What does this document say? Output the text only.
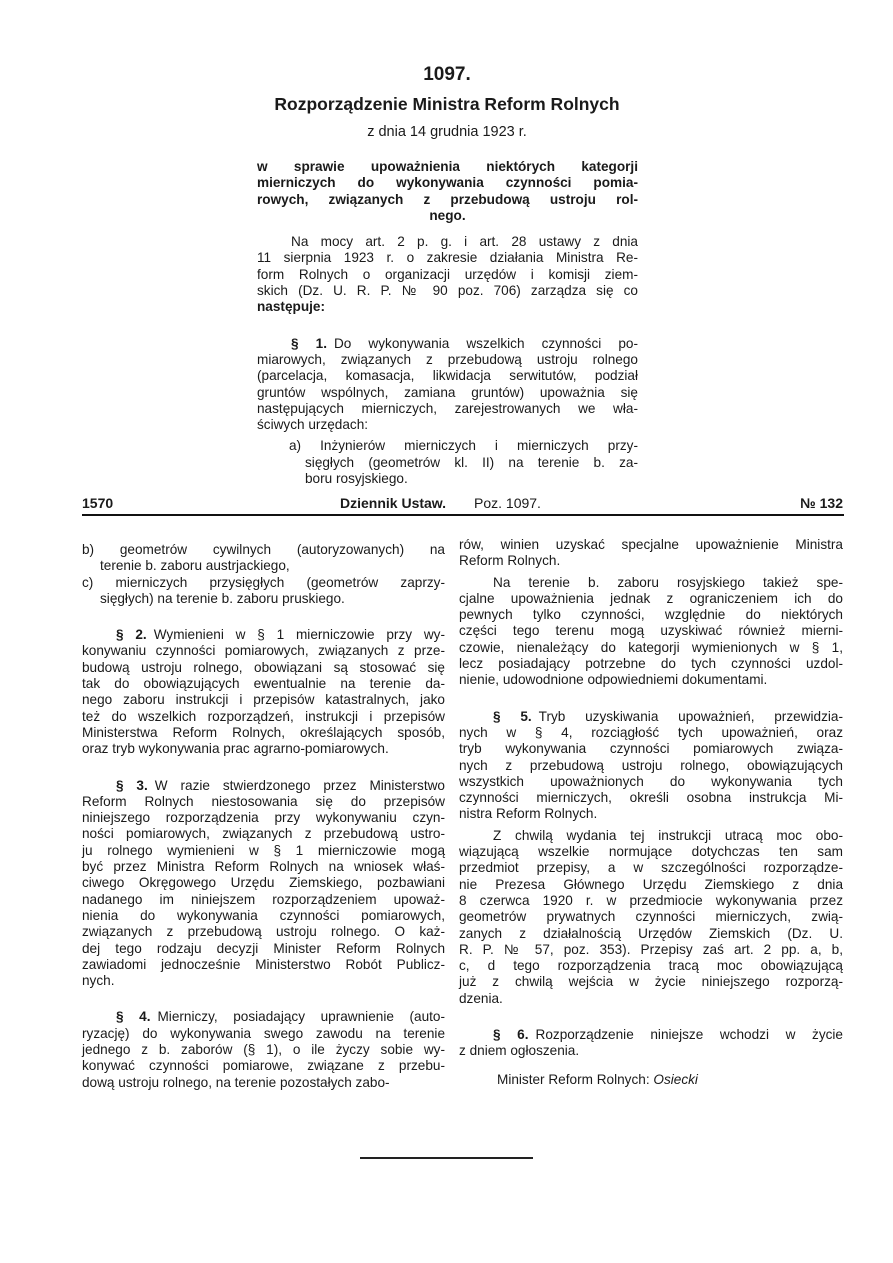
1097.
Rozporządzenie Ministra Reform Rolnych
z dnia 14 grudnia 1923 r.
w sprawie upoważnienia niektórych kategorji
mierniczych do wykonywania czynności pomia-
rowych, związanych z przebudową ustroju rol-
nego.
Na mocy art. 2 p. g. i art. 28 ustawy z dnia
11 sierpnia 1923 r. o zakresie działania Ministra Re-
form Rolnych o organizacji urzędów i komisji ziem-
skich (Dz. U. R. P. № 90 poz. 706) zarządza się co
następuje:
§ 1. Do wykonywania wszelkich czynności po-
miarowych, związanych z przebudową ustroju rolnego
(parcelacja, komasacja, likwidacja serwitutów, podział
gruntów wspólnych, zamiana gruntów) upoważnia się
następujących mierniczych, zarejestrowanych we wła-
ściwych urzędach:
a) Inżynierów mierniczych i mierniczych przy-
sięgłych (geometrów kl. II) na terenie b. za-
boru rosyjskiego.
1570	Dziennik Ustaw. Poz. 1097.	№ 132
b) geometrów cywilnych (autoryzowanych) na
terenie b. zaboru austrjackiego,
c) mierniczych przysięgłych (geometrów zaprzy-
sięgłych) na terenie b. zaboru pruskiego.
§ 2. Wymienieni w § 1 mierniczowie przy wy-
konywaniu czynności pomiarowych, związanych z prze-
budową ustroju rolnego, obowiązani są stosować się
tak do obowiązujących ewentualnie na terenie da-
nego zaboru instrukcji i przepisów katastralnych, jako
też do wszelkich rozporządzeń, instrukcji i przepisów
Ministerstwa Reform Rolnych, określających sposób,
oraz tryb wykonywania prac agrarno-pomiarowych.
§ 3. W razie stwierdzonego przez Ministerstwo
Reform Rolnych niestosowania się do przepisów
niniejszego rozporządzenia przy wykonywaniu czyn-
ności pomiarowych, związanych z przebudową ustro-
ju rolnego wymienieni w § 1 mierniczowie mogą
być przez Ministra Reform Rolnych na wniosek właś-
ciwego Okręgowego Urzędu Ziemskiego, pozbawiani
nadanego im niniejszem rozporządzeniem upoważ-
nienia do wykonywania czynności pomiarowych,
związanych z przebudową ustroju rolnego. O każ-
dej tego rodzaju decyzji Minister Reform Rolnych
zawiadomi jednocześnie Ministerstwo Robót Publicz-
nych.
§ 4. Mierniczy, posiadający uprawnienie (auto-
ryzację) do wykonywania swego zawodu na terenie
jednego z b. zaborów (§ 1), o ile życzy sobie wy-
konywać czynności pomiarowe, związane z przebu-
dową ustroju rolnego, na terenie pozostałych zabo-
rów, winien uzyskać specjalne upoważnienie Ministra
Reform Rolnych.
Na terenie b. zaboru rosyjskiego takież spe-
cjalne upoważnienia jednak z ograniczeniem ich do
pewnych tylko czynności, względnie do niektórych
części tego terenu mogą uzyskiwać również mierni-
czowie, nienależący do kategorji wymienionych w § 1,
lecz posiadający potrzebne do tych czynności uzdol-
nienie, udowodnione odpowiedniemi dokumentami.
§ 5. Tryb uzyskiwania upoważnień, przewidzia-
nych w § 4, rozciągłość tych upoważnień, oraz
tryb wykonywania czynności pomiarowych związa-
nych z przebudową ustroju rolnego, obowiązujących
wszystkich upoważnionych do wykonywania tych
czynności mierniczych, określi osobna instrukcja Mi-
nistra Reform Rolnych.
Z chwilą wydania tej instrukcji utracą moc obo-
wiązującą wszelkie normujące dotychczas ten sam
przedmiot przepisy, a w szczególności rozporządze-
nie Prezesa Głównego Urzędu Ziemskiego z dnia
8 czerwca 1920 r. w przedmiocie wykonywania przez
geometrów prywatnych czynności mierniczych, zwią-
zanych z działalnością Urzędów Ziemskich (Dz. U.
R. P. № 57, poz. 353). Przepisy zaś art. 2 pp. a, b,
c, d tego rozporządzenia tracą moc obowiązującą
już z chwilą wejścia w życie niniejszego rozporzą-
dzenia.
§ 6. Rozporządzenie niniejsze wchodzi w życie
z dniem ogłoszenia.
Minister Reform Rolnych: Osiecki
